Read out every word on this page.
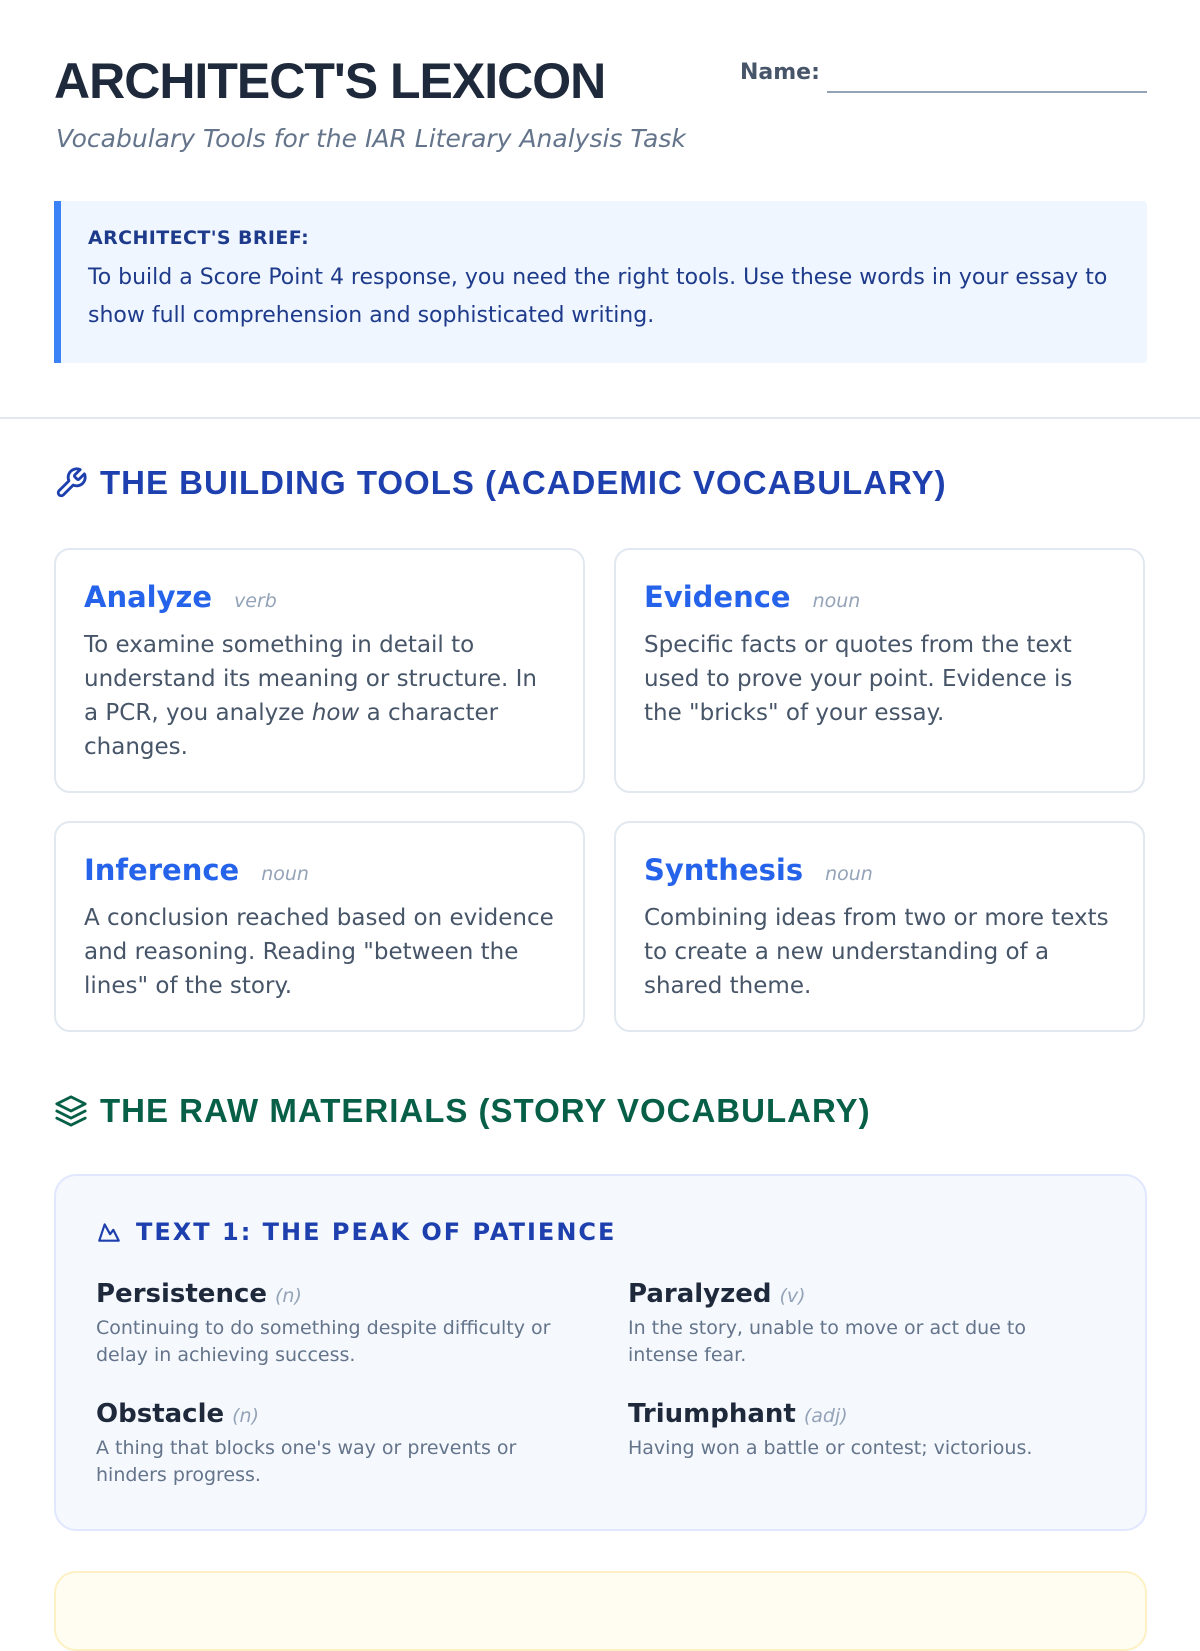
ARCHITECT'S LEXICON
Vocabulary Tools for the IAR Literary Analysis Task
Name:
ARCHITECT'S BRIEF:
To build a Score Point 4 response, you need the right tools. Use these words in your essay to show full comprehension and sophisticated writing.
THE BUILDING TOOLS (ACADEMIC VOCABULARY)
Analyze verb
To examine something in detail to understand its meaning or structure. In a PCR, you analyze how a character changes.
Evidence noun
Specific facts or quotes from the text used to prove your point. Evidence is the "bricks" of your essay.
Inference noun
A conclusion reached based on evidence and reasoning. Reading "between the lines" of the story.
Synthesis noun
Combining ideas from two or more texts to create a new understanding of a shared theme.
THE RAW MATERIALS (STORY VOCABULARY)
TEXT 1: THE PEAK OF PATIENCE
Persistence (n)
Continuing to do something despite difficulty or delay in achieving success.
Paralyzed (v)
In the story, unable to move or act due to intense fear.
Obstacle (n)
A thing that blocks one's way or prevents or hinders progress.
Triumphant (adj)
Having won a battle or contest; victorious.
